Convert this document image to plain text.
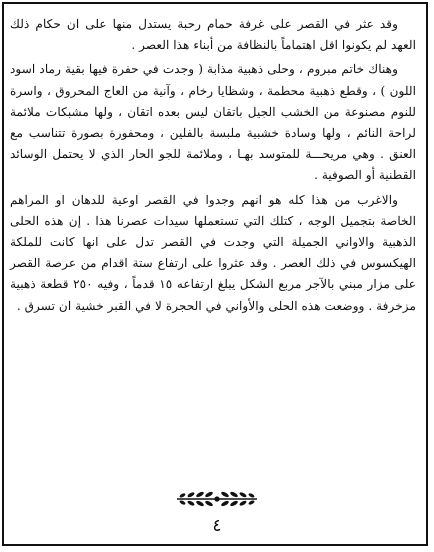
وقد عثر في القصر على غرفة حمام رحبة يستدل منها على ان حكام ذلك العهد لم يكونوا اقل اهتماماً بالنظافة من أبناء هذا العصر .

وهناك خاتم مبروم ، وحلى ذهبية مذابة ( وجدت في حفرة فيها بقية رماد اسود اللون ) ، وقطع ذهبية محطمة ، وشظايا رخام ، وآنية من العاج المحروق ، واسرة للنوم مصنوعة من الخشب الجيل باتقان ليس بعده اتقان ، ولها مشبكات ملائمة لراحة النائم ، ولها وسادة خشبية ملبسة بالفلين ، ومحفورة بصورة تتناسب مع العنق . وهي مريحـــة للمتوسد بهـا ، وملائمة للجو الحار الذي لا يحتمل الوسائد القطنية أو الصوفية .

والاغرب من هذا كله هو انهم وجدوا في القصر اوعية للدهان او المراهم الخاصة بتجميل الوجه ، كتلك التي تستعملها سيدات عصرنا هذا . إن هذه الحلى الذهبية والاواني الجميلة التي وجدت في القصر تدل على انها كانت للملكة الهيكسوس في ذلك العصر . وقد عثروا على ارتفاع ستة اقدام من عرصة القصر على مزار مبني بالآجر مربع الشكل يبلغ ارتفاعه ١٥ قدماً ، وفيه ٢٥٠ قطعة ذهبية مزخرفة . ووضعت هذه الحلى والأواني في الحجرة لا في القبر خشية ان تسرق .

٤
